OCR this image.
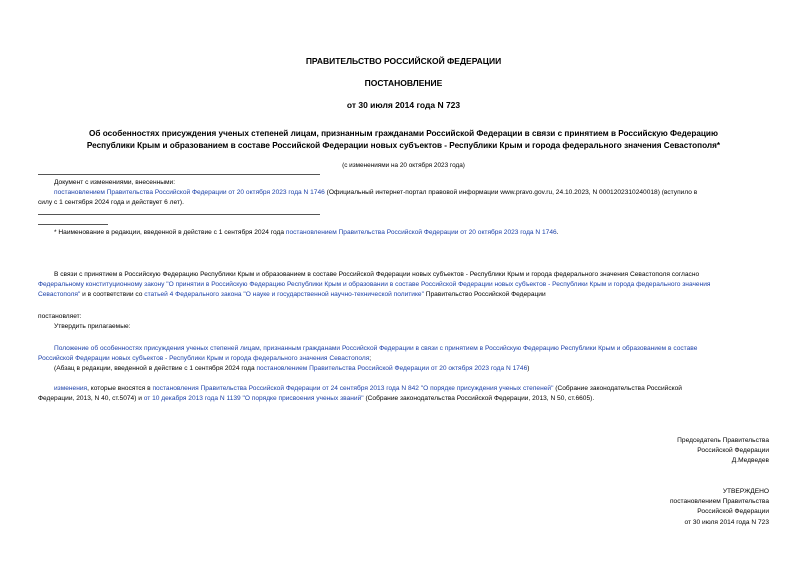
ПРАВИТЕЛЬСТВО РОССИЙСКОЙ ФЕДЕРАЦИИ
ПОСТАНОВЛЕНИЕ
от 30 июля 2014 года N 723
Об особенностях присуждения ученых степеней лицам, признанным гражданами Российской Федерации в связи с принятием в Российскую Федерацию
Республики Крым и образованием в составе Российской Федерации новых субъектов - Республики Крым и города федерального значения Севастополя*
(с изменениями на 20 октября 2023 года)

Документ с изменениями, внесенными:

постановлением Правительства Российской Федерации от 20 октября 2023 года N 1746 (Официальный интернет-портал правовой информации www.pravo.gov.ru, 24.10.2023, N 0001202310240018) (вступило в

силу с 1 сентября 2024 года и действует 6 лет).
* Наименование в редакции, введенной в действие с 1 сентября 2024 года постановлением Правительства Российской Федерации от 20 октября 2023 года N 1746.
В связи с принятием в Российскую Федерацию Республики Крым и образованием в составе Российской Федерации новых субъектов - Республики Крым и города федерального значения Севастополя согласно
Федеральному конституционному закону "О принятии в Российскую Федерацию Республики Крым и образовании в составе Российской Федерации новых субъектов - Республики Крым и города федерального значения
Севастополя" и в соответствии со статьей 4 Федерального закона "О науке и государственной научно-технической политике" Правительство Российской Федерации
постановляет:
Утвердить прилагаемые:
Положение об особенностях присуждения ученых степеней лицам, признанным гражданами Российской Федерации в связи с принятием в Российскую Федерацию Республики Крым и образованием в составе
Российской Федерации новых субъектов - Республики Крым и города федерального значения Севастополя;
(Абзац в редакции, введенной в действие с 1 сентября 2024 года постановлением Правительства Российской Федерации от 20 октября 2023 года N 1746)
изменения, которые вносятся в постановления Правительства Российской Федерации от 24 сентября 2013 года N 842 "О порядке присуждения ученых степеней" (Собрание законодательства Российской
Федерации, 2013, N 40, ст.5074) и от 10 декабря 2013 года N 1139 "О порядке присвоения ученых званий" (Собрание законодательства Российской Федерации, 2013, N 50, ст.6605).

Председатель Правительства

Российской Федерации

Д.Медведев

УТВЕРЖДЕНО

постановлением Правительства

Российской Федерации

от 30 июля 2014 года N 723
